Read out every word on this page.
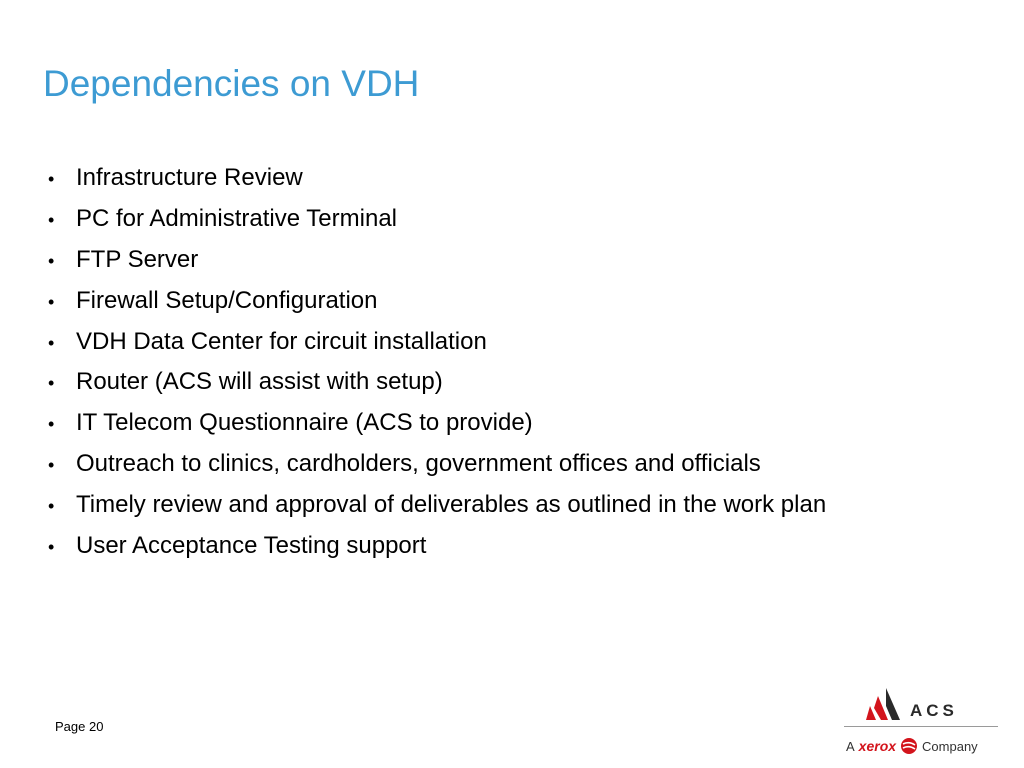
Dependencies on VDH
• Infrastructure Review
• PC for Administrative Terminal
• FTP Server
• Firewall Setup/Configuration
• VDH Data Center for circuit installation
• Router (ACS will assist with setup)
• IT Telecom Questionnaire (ACS to provide)
• Outreach to clinics, cardholders, government offices and officials
• Timely review and approval of deliverables as outlined in the work plan
• User Acceptance Testing support
Page 20
ACS
A xerox Company
